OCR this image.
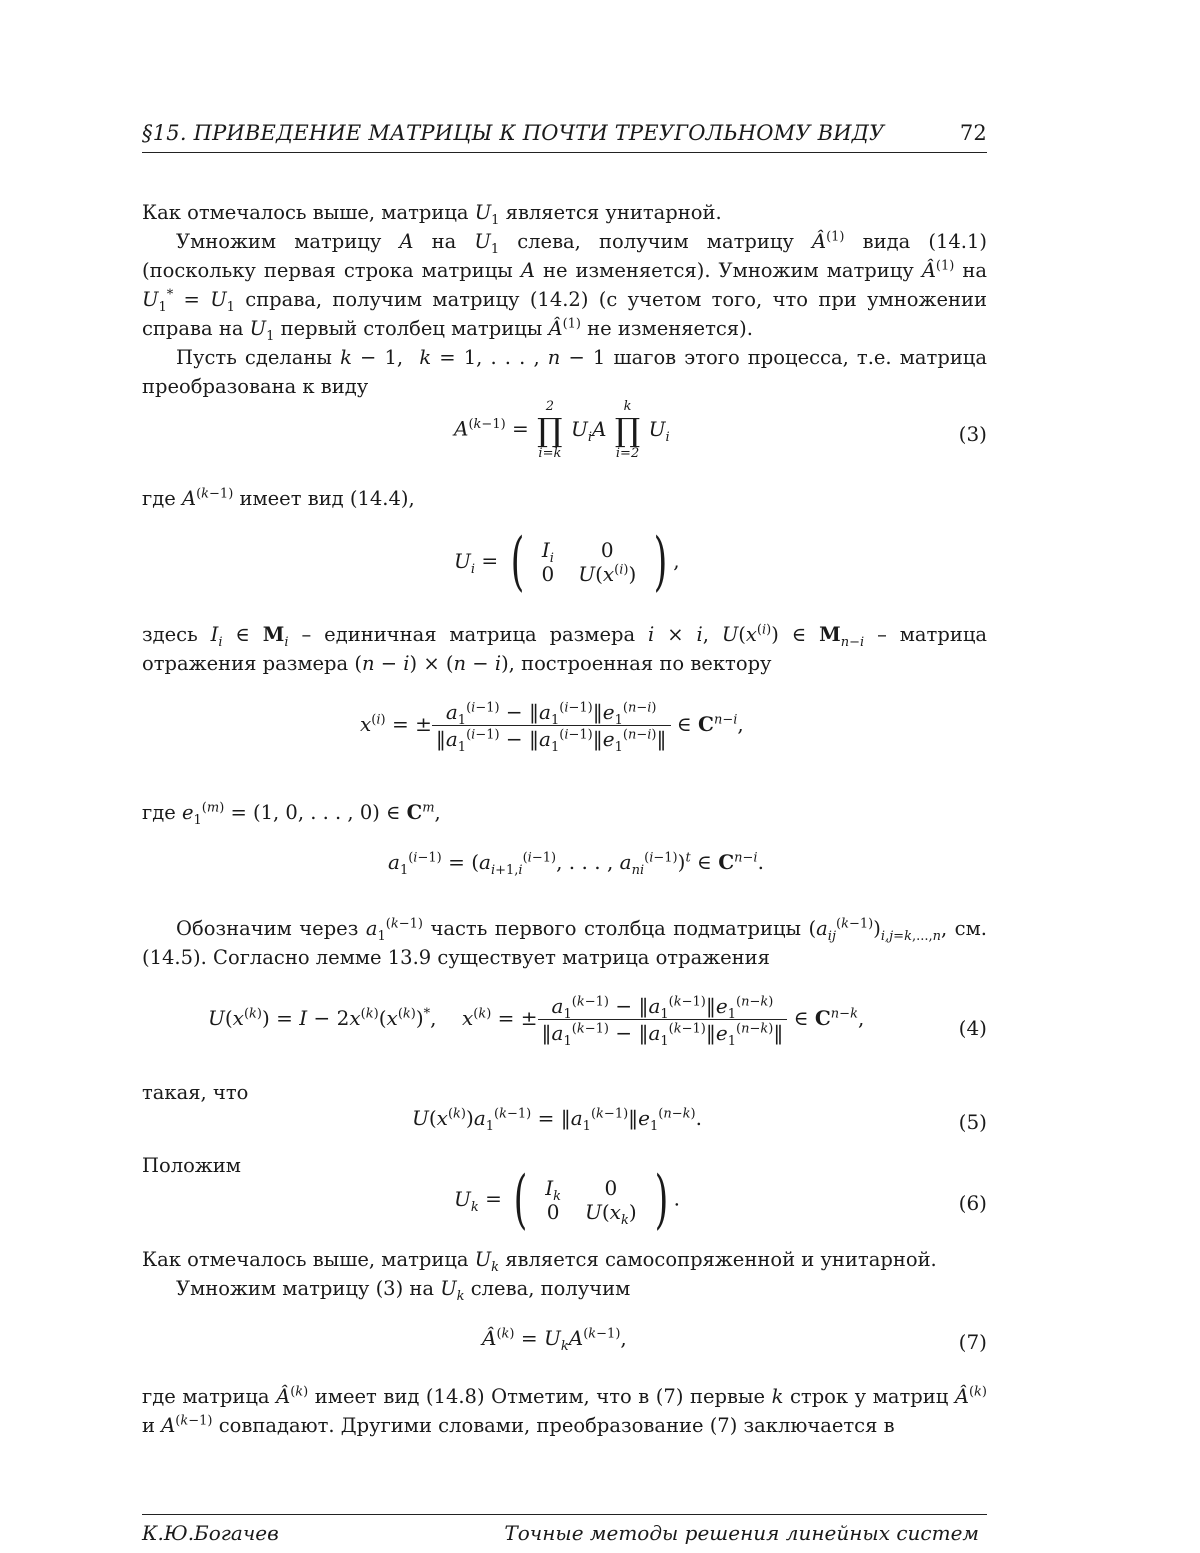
§15. ПРИВЕДЕНИЕ МАТРИЦЫ К ПОЧТИ ТРЕУГОЛЬНОМУ ВИДУ	72

Как отмечалось выше, матрица $U_1$ является унитарной.

Умножим матрицу A на $U_1$ слева, получим матрицу $Â^{(1)}$ вида (14.1) (поскольку первая строка матрицы A не изменяется). Умножим матрицу $Â^{(1)}$ на $U_1^* = U_1$ справа, получим матрицу (14.2) (с учетом того, что при умножении справа на $U_1$ первый столбец матрицы $Â^{(1)}$ не изменяется).

Пусть сделаны k − 1,  k = 1, . . . , n − 1 шагов этого процесса, т.е. матрица преобразована к виду

$A^{(k-1)}$ =
2
∏
i=k
$U_iA$
k
∏
i=2
$U_i$	(3)

где $A^{(k-1)}$ имеет вид (14.4),

$U_i$ = ( $I_i$	0
0	$U(x^{(i)})$ ) ,

здесь $I_i$ ∈ $M_i$ – единичная матрица размера i × i, $U(x^{(i)})$ ∈ $M_{n-i}$ – матрица отражения размера (n − i) × (n − i), построенная по вектору

$x^{(i)}$ = ± $\frac{a_1^{(i-1)} - ‖a_1^{(i-1)}‖e_1^{(n-i)}}{‖a_1^{(i-1)} - ‖a_1^{(i-1)}‖e_1^{(n-i)}‖}$ ∈ $C^{n-i}$,

где $e_1^{(m)} = (1$, 0, . . . , 0) ∈ $C^m$,

$a_1^{(i-1)} = (a_{i+1,i}^{(i-1)}$, . . . , $a_{ni}^{(i-1)})^t$ ∈ $C^{n-i}$.

Обозначим через $a_1^{(k-1)}$ часть первого столбца подматрицы $(a_{ij}^{(k-1)})_{i,j=k,...,n}$, см. (14.5). Согласно лемме 13.9 существует матрица отражения

$U(x^{(k)}) = I - 2x^{(k)}(x^{(k)})^*$,    $x^{(k)}$ = ± $\frac{a_1^{(k-1)} - ‖a_1^{(k-1)}‖e_1^{(n-k)}}{‖a_1^{(k-1)} - ‖a_1^{(k-1)}‖e_1^{(n-k)}‖}$ ∈ $C^{n-k}$,	(4)

такая, что

$U(x^{(k)})a_1^{(k-1)}$ = $‖a_1^{(k-1)}‖e_1^{(n-k)}$.	(5)

Положим

$U_k$ = ( $I_k$	0
0	$U(x_k)$ ) .	(6)

Как отмечалось выше, матрица $U_k$ является самосопряженной и унитарной.

Умножим матрицу (3) на $U_k$ слева, получим

$Â^{(k)} = U_kA^{(k-1)}$,	(7)

где матрица $Â^{(k)}$ имеет вид (14.8) Отметим, что в (7) первые k строк у матриц $Â^{(k)}$ и $A^{(k-1)}$ совпадают. Другими словами, преобразование (7) заключается в

К.Ю.Богачев	Точные методы решения линейных систем
